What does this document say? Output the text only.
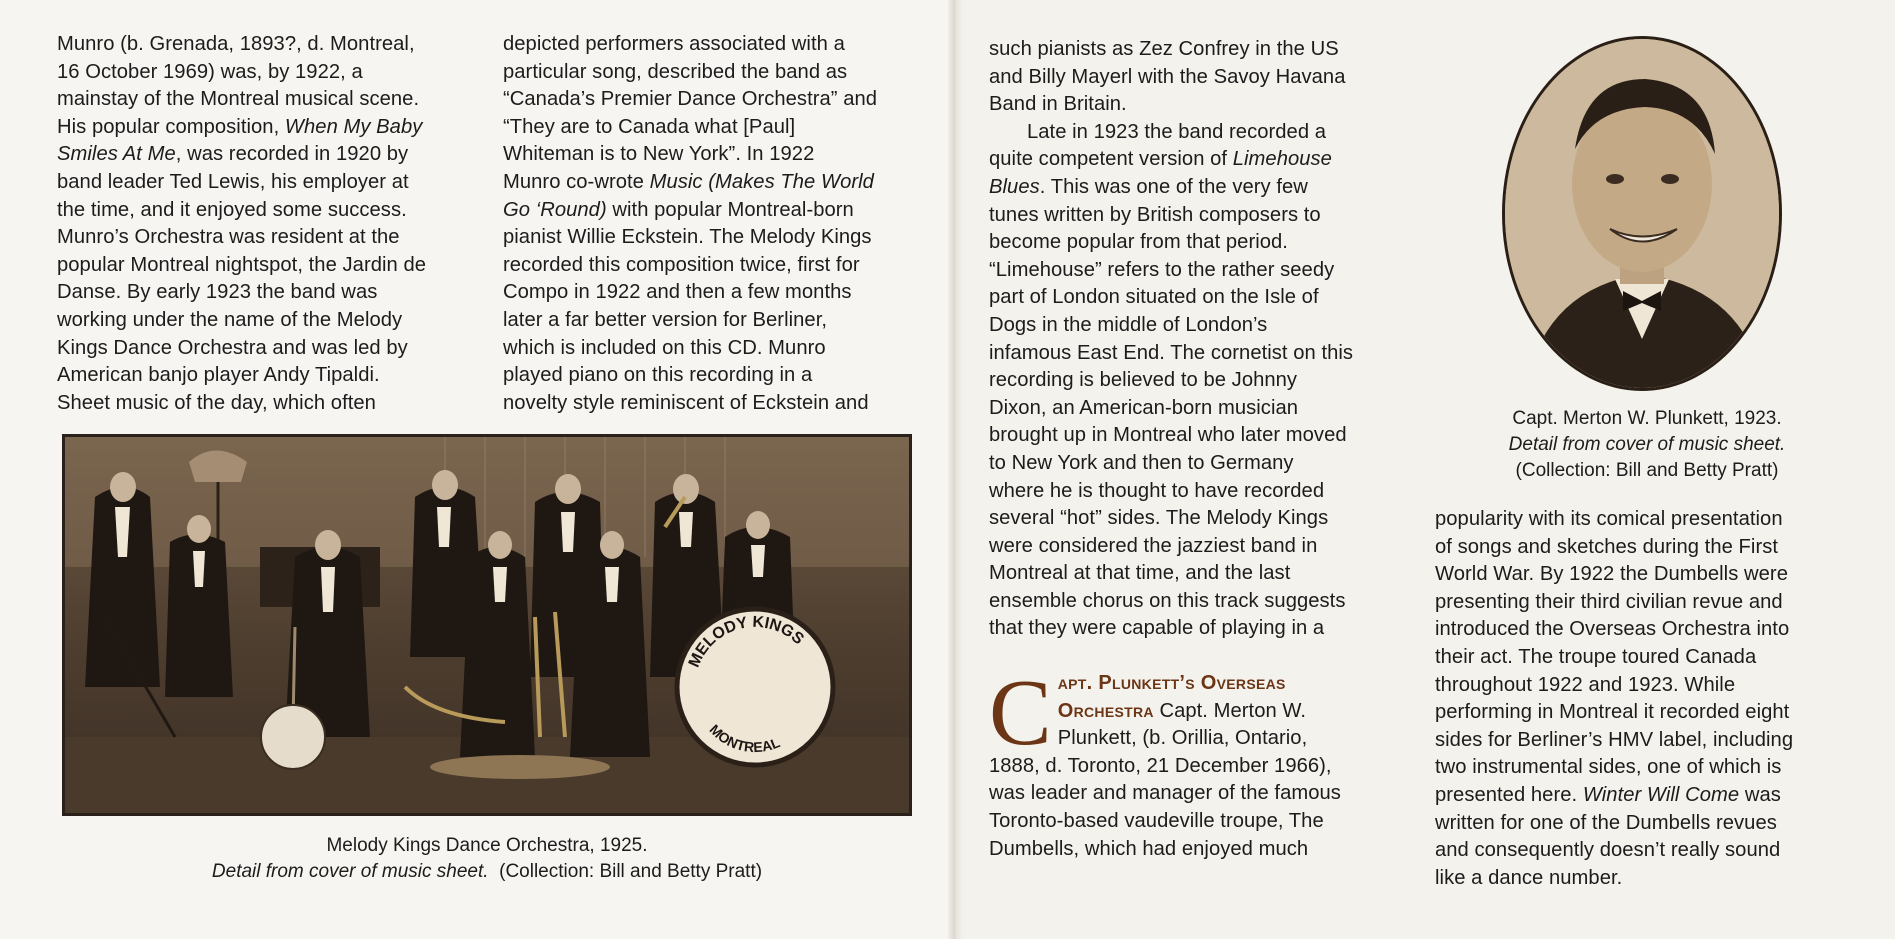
Munro (b. Grenada, 1893?, d. Montreal,

16 October 1969) was, by 1922, a

mainstay of the Montreal musical scene.

His popular composition, When My Baby

Smiles At Me, was recorded in 1920 by

band leader Ted Lewis, his employer at

the time, and it enjoyed some success.

Munro’s Orchestra was resident at the

popular Montreal nightspot, the Jardin de

Danse. By early 1923 the band was

working under the name of the Melody

Kings Dance Orchestra and was led by

American banjo player Andy Tipaldi.

Sheet music of the day, which often

depicted performers associated with a

particular song, described the band as

“Canada’s Premier Dance Orchestra” and

“They are to Canada what [Paul]

Whiteman is to New York”. In 1922

Munro co-wrote Music (Makes The World

Go ‘Round) with popular Montreal-born

pianist Willie Eckstein. The Melody Kings

recorded this composition twice, first for

Compo in 1922 and then a few months

later a far better version for Berliner,

which is included on this CD. Munro

played piano on this recording in a

novelty style reminiscent of Eckstein and

MELODY KINGS
MONTREAL
Melody Kings Dance Orchestra, 1925.
Detail from cover of music sheet. (Collection: Bill and Betty Pratt)

such pianists as Zez Confrey in the US

and Billy Mayerl with the Savoy Havana

Band in Britain.

Late in 1923 the band recorded a

quite competent version of Limehouse

Blues. This was one of the very few

tunes written by British composers to

become popular from that period.

“Limehouse” refers to the rather seedy

part of London situated on the Isle of

Dogs in the middle of London’s

infamous East End. The cornetist on this

recording is believed to be Johnny

Dixon, an American-born musician

brought up in Montreal who later moved

to New York and then to Germany

where he is thought to have recorded

several “hot” sides. The Melody Kings

were considered the jazziest band in

Montreal at that time, and the last

ensemble chorus on this track suggests

that they were capable of playing in a

C apt. Plunkett’s Overseas

Orchestra Capt. Merton W.

Plunkett, (b. Orillia, Ontario,

1888, d. Toronto, 21 December 1966),

was leader and manager of the famous

Toronto-based vaudeville troupe, The

Dumbells, which had enjoyed much

Capt. Merton W. Plunkett, 1923.
Detail from cover of music sheet.
(Collection: Bill and Betty Pratt)

popularity with its comical presentation

of songs and sketches during the First

World War. By 1922 the Dumbells were

presenting their third civilian revue and

introduced the Overseas Orchestra into

their act. The troupe toured Canada

throughout 1922 and 1923. While

performing in Montreal it recorded eight

sides for Berliner’s HMV label, including

two instrumental sides, one of which is

presented here. Winter Will Come was

written for one of the Dumbells revues

and consequently doesn’t really sound

like a dance number.
